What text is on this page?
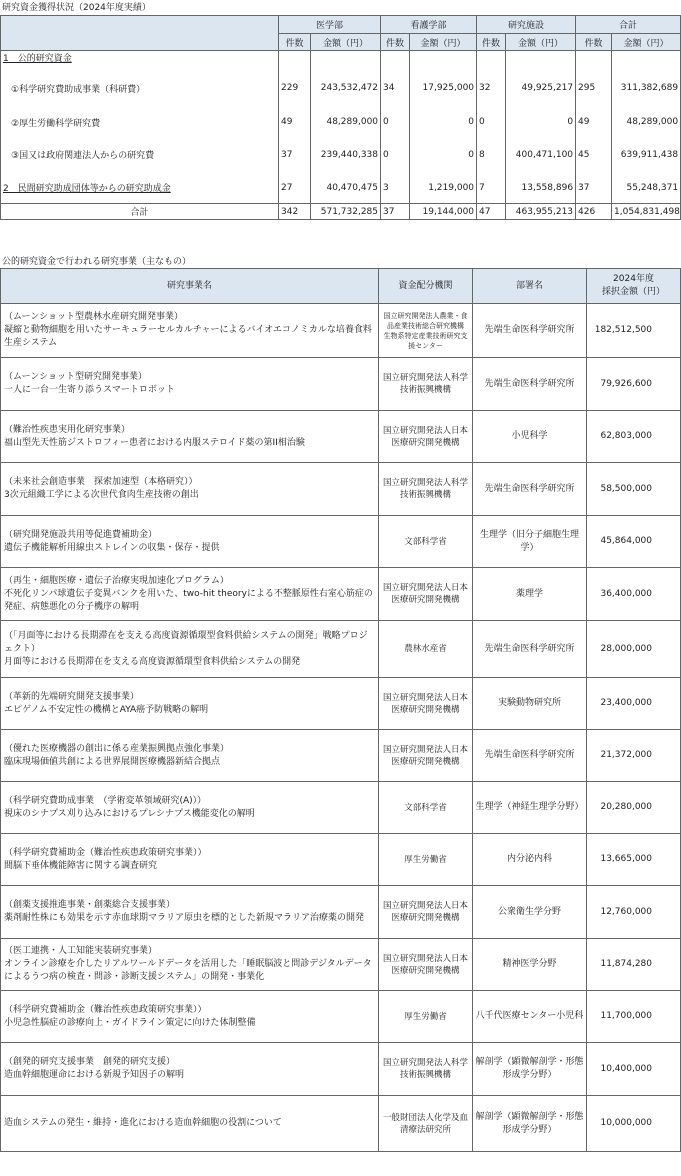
研究資金獲得状況（2024年度実績）
	医学部		看護学部		研究施設		合計	
	件数	金額（円）	件数	金額（円）	件数	金額（円）	件数	金額（円）
1　公的研究資金								
①科学研究費助成事業（科研費）	229	243,532,472	34	17,925,000	32	49,925,217	295	311,382,689
②厚生労働科学研究費	49	48,289,000	0	0	0	0	49	48,289,000
③国又は政府関連法人からの研究費	37	239,440,338	0	0	8	400,471,100	45	639,911,438
2　民間研究助成団体等からの研究助成金	27	40,470,475	3	1,219,000	7	13,558,896	37	55,248,371
合計	342	571,732,285	37	19,144,000	47	463,955,213	426	1,054,831,498
公的研究資金で行われる研究事業（主なもの）
研究事業名	資金配分機関	部署名	2024年度
採択金額（円）

（ムーンショット型農林水産研究開発事業）
凝縮と動物細胞を用いたサーキュラーセルカルチャーによるバイオエコノミカルな培養食料生産システム	国立研究開発法人農業・食品産業技術総合研究機構　生物系特定産業技術研究支援センター	先端生命医科学研究所	182,512,500

（ムーンショット型研究開発事業）
一人に一台一生寄り添うスマートロボット	国立研究開発法人科学技術振興機構	先端生命医科学研究所	79,926,600

（難治性疾患実用化研究事業）
福山型先天性筋ジストロフィー患者における内服ステロイド薬の第II相治験	国立研究開発法人日本医療研究開発機構	小児科学	62,803,000

（未来社会創造事業　探索加速型（本格研究））
3次元組織工学による次世代食肉生産技術の創出	国立研究開発法人科学技術振興機構	先端生命医科学研究所	58,500,000

（研究開発施設共用等促進費補助金）
遺伝子機能解析用線虫ストレインの収集・保存・提供	文部科学省	生理学（旧分子細胞生理学）	45,864,000

（再生・細胞医療・遺伝子治療実現加速化プログラム）
不死化リンパ球遺伝子変異バンクを用いた、two-hit theoryによる不整脈原性右室心筋症の発症、病態悪化の分子機序の解明	国立研究開発法人日本医療研究開発機構	薬理学	36,400,000

（「月面等における長期滞在を支える高度資源循環型食料供給システムの開発」戦略プロジェクト）
月面等における長期滞在を支える高度資源循環型食料供給システムの開発	農林水産省	先端生命医科学研究所	28,000,000

（革新的先端研究開発支援事業）
エピゲノム不安定性の機構とAYA癌予防戦略の解明	国立研究開発法人日本医療研究開発機構	実験動物研究所	23,400,000

（優れた医療機器の創出に係る産業振興拠点強化事業）
臨床現場価値共創による世界展開医療機器新結合拠点	国立研究開発法人日本医療研究開発機構	先端生命医科学研究所	21,372,000

（科学研究費助成事業　（学術変革領域研究(A)））
視床のシナプス刈り込みにおけるプレシナプス機能変化の解明	文部科学省	生理学（神経生理学分野）	20,280,000

（科学研究費補助金（難治性疾患政策研究事業））
間脳下垂体機能障害に関する調査研究	厚生労働省	内分泌内科	13,665,000

（創薬支援推進事業・創薬総合支援事業）
薬剤耐性株にも効果を示す赤血球期マラリア原虫を標的とした新規マラリア治療薬の開発	国立研究開発法人日本医療研究開発機構	公衆衛生学分野	12,760,000

（医工連携・人工知能実装研究事業）
オンライン診療を介したリアルワールドデータを活用した「睡眠脳波と問診デジタルデータによるうつ病の検査・問診・診断支援システム」の開発・事業化	国立研究開発法人日本医療研究開発機構	精神医学分野	11,874,280

（科学研究費補助金（難治性疾患政策研究事業））
小児急性脳症の診療向上・ガイドライン策定に向けた体制整備	厚生労働省	八千代医療センター小児科	11,700,000

（創発的研究支援事業　創発的研究支援）
造血幹細胞運命における新規予知因子の解明	国立研究開発法人科学技術振興機構	解剖学（顕微解剖学・形態形成学分野）	10,400,000

造血システムの発生・維持・進化における造血幹細胞の役割について	一般財団法人化学及血清療法研究所	解剖学（顕微解剖学・形態形成学分野）	10,000,000
